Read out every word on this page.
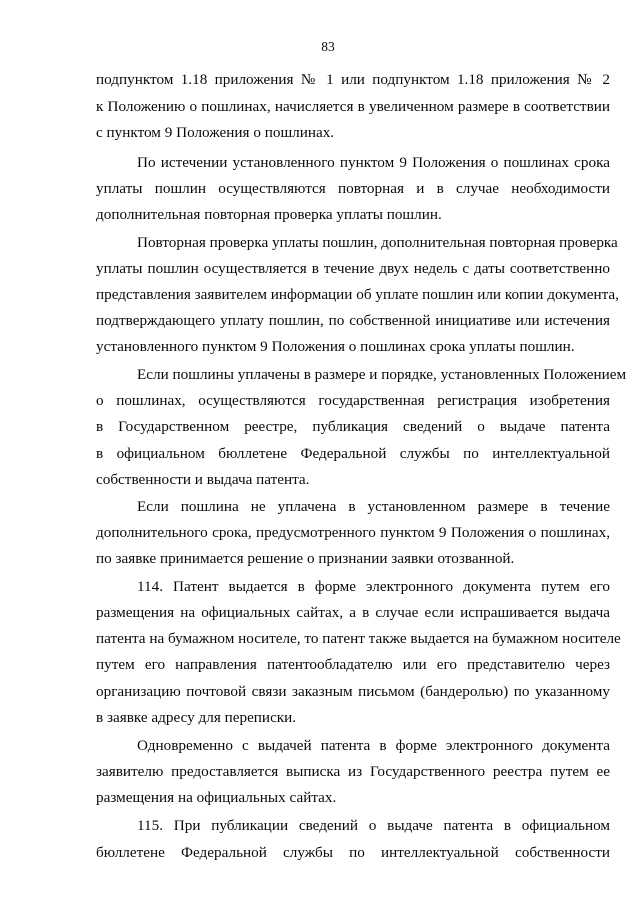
83
подпунктом 1.18 приложения № 1 или подпунктом 1.18 приложения № 2
к Положению о пошлинах, начисляется в увеличенном размере в соответствии
с пунктом 9 Положения о пошлинах.
По истечении установленного пунктом 9 Положения о пошлинах срока
уплаты пошлин осуществляются повторная и в случае необходимости
дополнительная повторная проверка уплаты пошлин.
Повторная проверка уплаты пошлин, дополнительная повторная проверка
уплаты пошлин осуществляется в течение двух недель с даты соответственно
представления заявителем информации об уплате пошлин или копии документа,
подтверждающего уплату пошлин, по собственной инициативе или истечения
установленного пунктом 9 Положения о пошлинах срока уплаты пошлин.
Если пошлины уплачены в размере и порядке, установленных Положением
о пошлинах, осуществляются государственная регистрация изобретения
в Государственном реестре, публикация сведений о выдаче патента
в официальном бюллетене Федеральной службы по интеллектуальной
собственности и выдача патента.
Если пошлина не уплачена в установленном размере в течение
дополнительного срока, предусмотренного пунктом 9 Положения о пошлинах,
по заявке принимается решение о признании заявки отозванной.
114. Патент выдается в форме электронного документа путем его
размещения на официальных сайтах, а в случае если испрашивается выдача
патента на бумажном носителе, то патент также выдается на бумажном носителе
путем его направления патентообладателю или его представителю через
организацию почтовой связи заказным письмом (бандеролью) по указанному
в заявке адресу для переписки.
Одновременно с выдачей патента в форме электронного документа
заявителю предоставляется выписка из Государственного реестра путем ее
размещения на официальных сайтах.
115. При публикации сведений о выдаче патента в официальном
бюллетене Федеральной службы по интеллектуальной собственности
